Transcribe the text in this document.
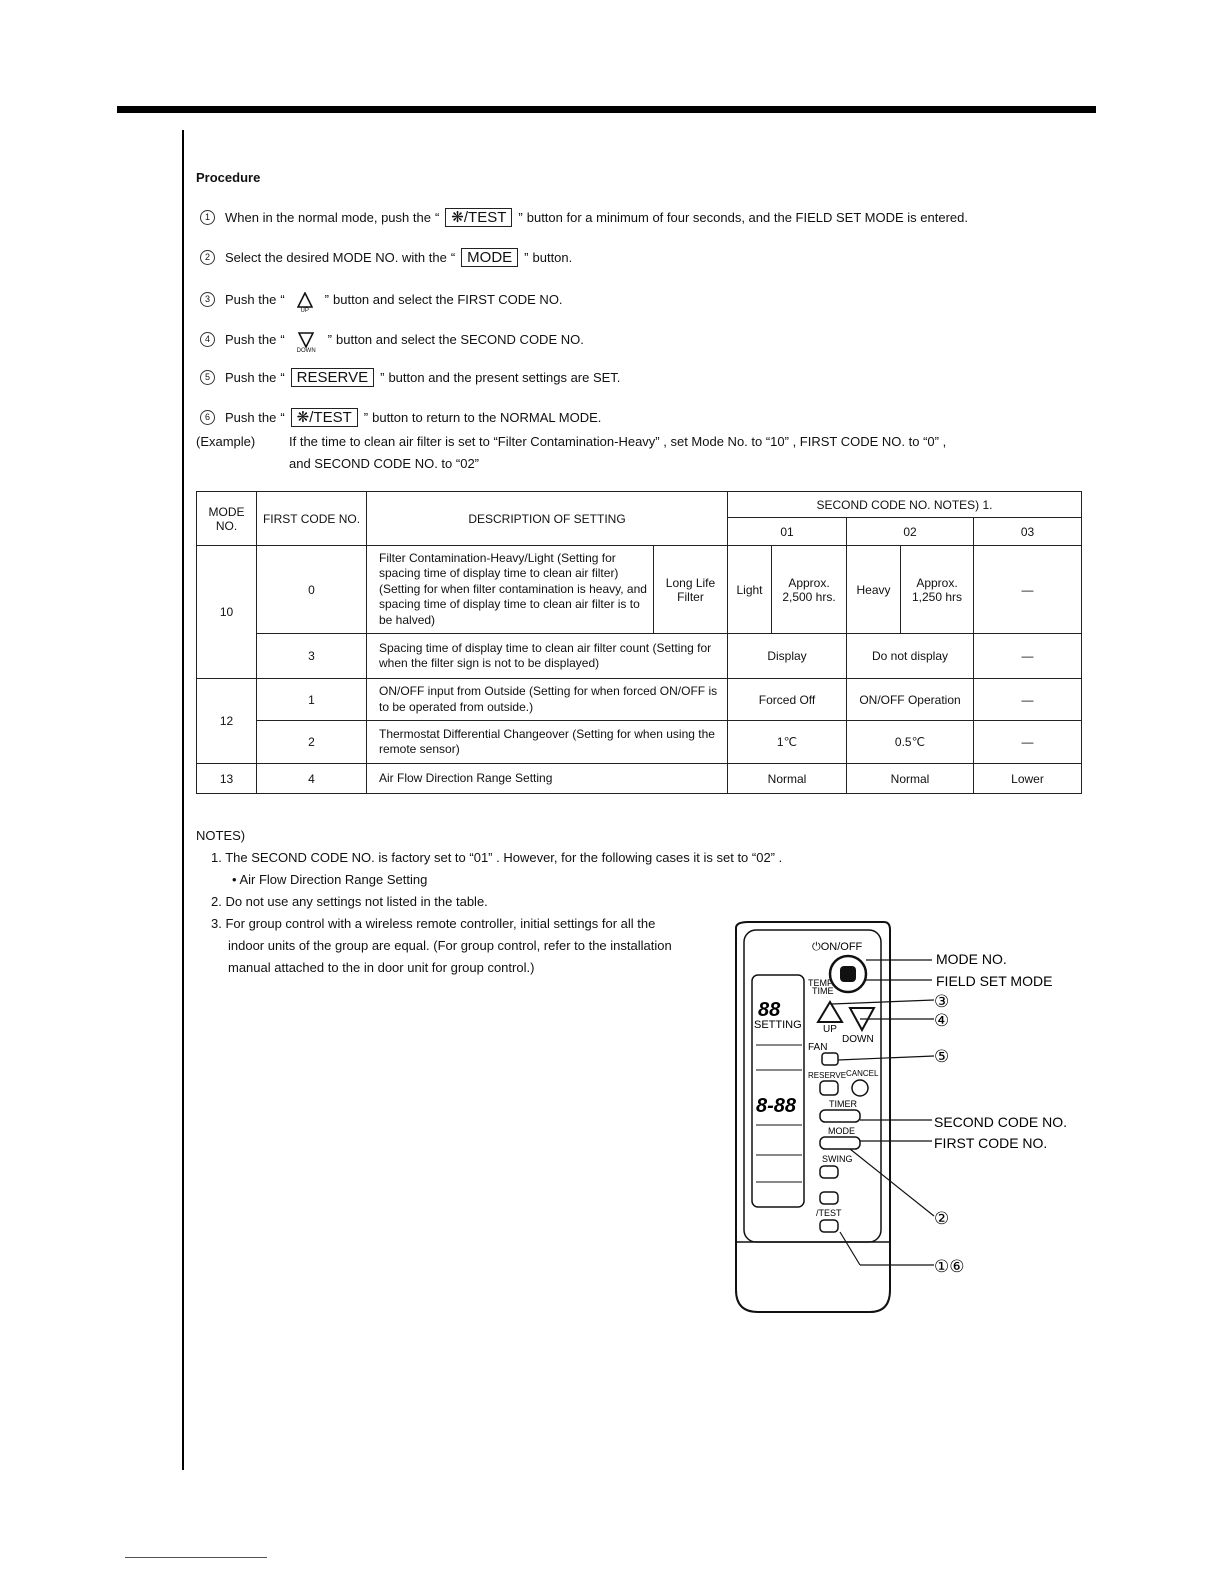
Procedure
1	When in the normal mode, push the “ ❋/TEST ” button for a minimum of four seconds, and the FIELD SET MODE is entered.
2	Select the desired MODE NO. with the “ MODE ” button.
3	Push the “
UP
” button and select the FIRST CODE NO.
4	Push the “
DOWN
” button and select the SECOND CODE NO.
5	Push the “ RESERVE ” button and the present settings are SET.
6	Push the “ ❋/TEST ” button to return to the NORMAL MODE.
(Example)	If the time to clean air filter is set to “Filter Contamination-Heavy” , set Mode No. to “10” , FIRST CODE NO. to “0” ,
and SECOND CODE NO. to “02”
MODE NO.	FIRST CODE NO.	DESCRIPTION OF SETTING		SECOND CODE NO. NOTES) 1.				
				01		02		03
10	0	Filter Contamination-Heavy/Light (Setting for spacing time of display time to clean air filter) (Setting for when filter contamination is heavy, and spacing time of display time to clean air filter is to be halved)	Long Life Filter	Light	Approx. 2,500 hrs.	Heavy	Approx. 1,250 hrs	—
	3	Spacing time of display time to clean air filter count (Setting for when the filter sign is not to be displayed)		Display		Do not display		—
12	1	ON/OFF input from Outside (Setting for when forced ON/OFF is to be operated from outside.)		Forced Off		ON/OFF Operation		—
	2	Thermostat Differential Changeover (Setting for when using the remote sensor)		1℃		0.5℃		—
13	4	Air Flow Direction Range Setting		Normal		Normal		Lower
NOTES)
1. The SECOND CODE NO. is factory set to “01” . However, for the following cases it is set to “02” .
• Air Flow Direction Range Setting
2. Do not use any settings not listed in the table.
3. For group control with a wireless remote controller, initial settings for all the
indoor units of the group are equal. (For group control, refer to the installation
manual attached to the in door unit for group control.)
88
SETTING
8-88
⏻ON/OFF
TEMP.
TIME
UP
DOWN
FAN
RESERVE CANCEL
TIMER
MODE
SWING
/TEST
MODE NO.
FIELD SET MODE
③
④
⑤
SECOND CODE NO.
FIRST CODE NO.
②
①⑥
